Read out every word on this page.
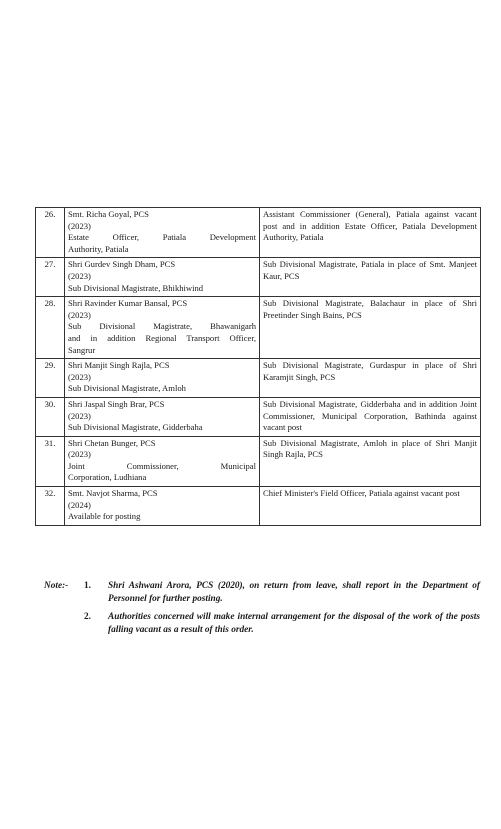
26.	Smt. Richa Goyal, PCS
(2023)
Estate Officer, Patiala Development
Authority, Patiala	Assistant Commissioner (General), Patiala against vacant post and in addition Estate Officer, Patiala Development Authority, Patiala
27.	Shri Gurdev Singh Dham, PCS
(2023)
Sub Divisional Magistrate, Bhikhiwind	Sub Divisional Magistrate, Patiala in place of Smt. Manjeet Kaur, PCS
28.	Shri Ravinder Kumar Bansal, PCS
(2023)
Sub Divisional Magistrate, Bhawanigarh
and in addition Regional Transport Officer,
Sangrur	Sub Divisional Magistrate, Balachaur in place of Shri Preetinder Singh Bains, PCS
29.	Shri Manjit Singh Rajla, PCS
(2023)
Sub Divisional Magistrate, Amloh	Sub Divisional Magistrate, Gurdaspur in place of Shri Karamjit Singh, PCS
30.	Shri Jaspal Singh Brar, PCS
(2023)
Sub Divisional Magistrate, Gidderbaha	Sub Divisional Magistrate, Gidderbaha and in addition Joint Commissioner, Municipal Corporation, Bathinda against vacant post
31.	Shri Chetan Bunger, PCS
(2023)
Joint Commissioner, Municipal
Corporation, Ludhiana	Sub Divisional Magistrate, Amloh in place of Shri Manjit Singh Rajla, PCS
32.	Smt. Navjot Sharma, PCS
(2024)
Available for posting	Chief Minister's Field Officer, Patiala against vacant post
Note:-	1.	Shri Ashwani Arora, PCS (2020), on return from leave, shall report in the Department of Personnel for further posting.
2.	Authorities concerned will make internal arrangement for the disposal of the work of the posts falling vacant as a result of this order.
